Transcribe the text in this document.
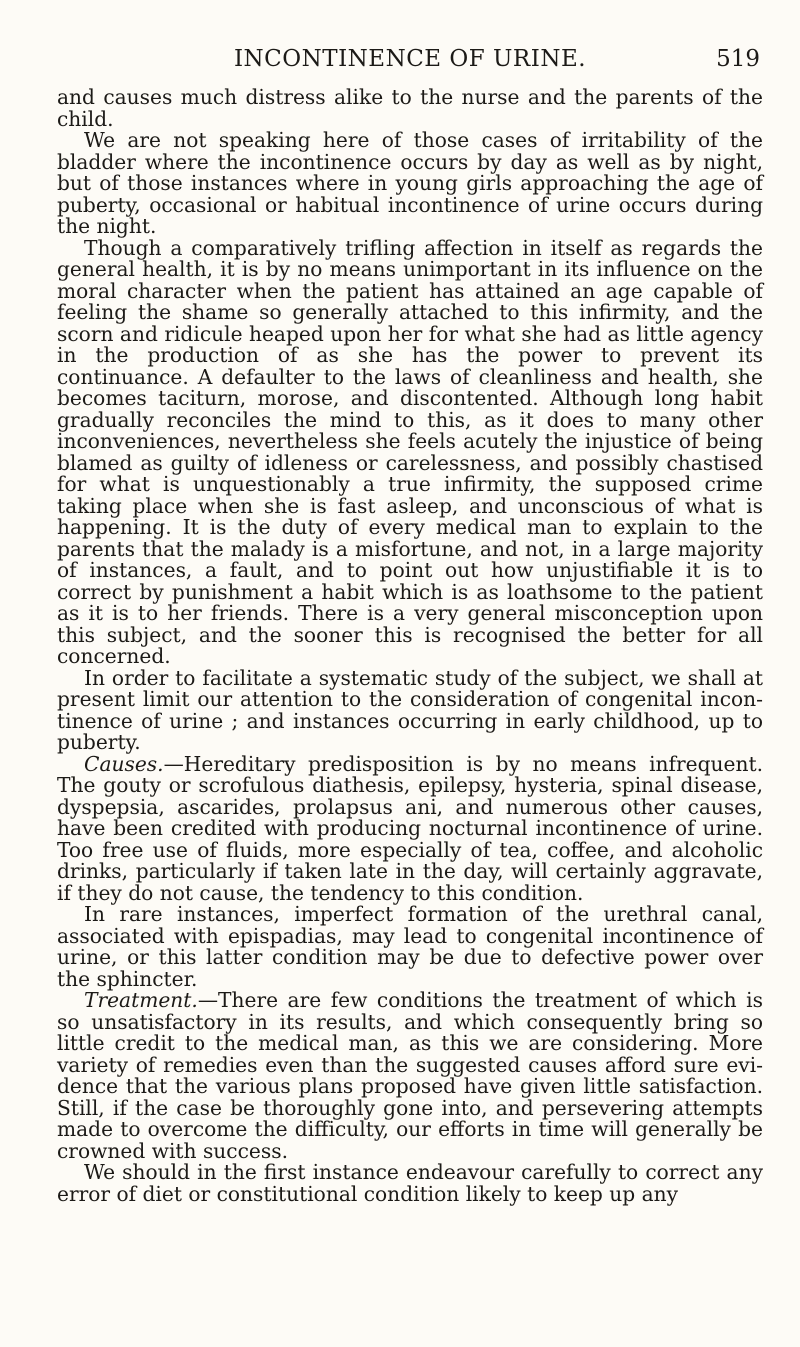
INCONTINENCE OF URINE.	519

and causes much distress alike to the nurse and the parents of the child.

We are not speaking here of those cases of irritability of the bladder where the incontinence occurs by day as well as by night, but of those instances where in young girls approaching the age of puberty, occasional or habitual incontinence of urine occurs during the night.

Though a comparatively trifling affection in itself as regards the general health, it is by no means unimportant in its influence on the moral character when the patient has attained an age capable of feeling the shame so generally attached to this infirmity, and the scorn and ridicule heaped upon her for what she had as little agency in the production of as she has the power to prevent its continuance. A defaulter to the laws of cleanliness and health, she becomes taciturn, morose, and discontented. Although long habit gradually reconciles the mind to this, as it does to many other inconveniences, nevertheless she feels acutely the injustice of being blamed as guilty of idleness or carelessness, and possibly chastised for what is unquestionably a true infirmity, the supposed crime taking place when she is fast asleep, and unconscious of what is happening. It is the duty of every medical man to explain to the parents that the malady is a misfortune, and not, in a large majority of instances, a fault, and to point out how unjustifiable it is to correct by punishment a habit which is as loathsome to the patient as it is to her friends. There is a very general misconception upon this subject, and the sooner this is recognised the better for all concerned.

In order to facilitate a systematic study of the subject, we shall at present limit our attention to the consideration of congenital incontinence of urine ; and instances occurring in early childhood, up to puberty.

Causes.—Hereditary predisposition is by no means infrequent. The gouty or scrofulous diathesis, epilepsy, hysteria, spinal disease, dyspepsia, ascarides, prolapsus ani, and numerous other causes, have been credited with producing nocturnal incontinence of urine. Too free use of fluids, more especially of tea, coffee, and alcoholic drinks, particularly if taken late in the day, will certainly aggravate, if they do not cause, the tendency to this condition.

In rare instances, imperfect formation of the urethral canal, associated with epispadias, may lead to congenital incontinence of urine, or this latter condition may be due to defective power over the sphincter.

Treatment.—There are few conditions the treatment of which is so unsatisfactory in its results, and which consequently bring so little credit to the medical man, as this we are considering. More variety of remedies even than the suggested causes afford sure evidence that the various plans proposed have given little satisfaction. Still, if the case be thoroughly gone into, and persevering attempts made to overcome the difficulty, our efforts in time will generally be crowned with success.

We should in the first instance endeavour carefully to correct any error of diet or constitutional condition likely to keep up any
